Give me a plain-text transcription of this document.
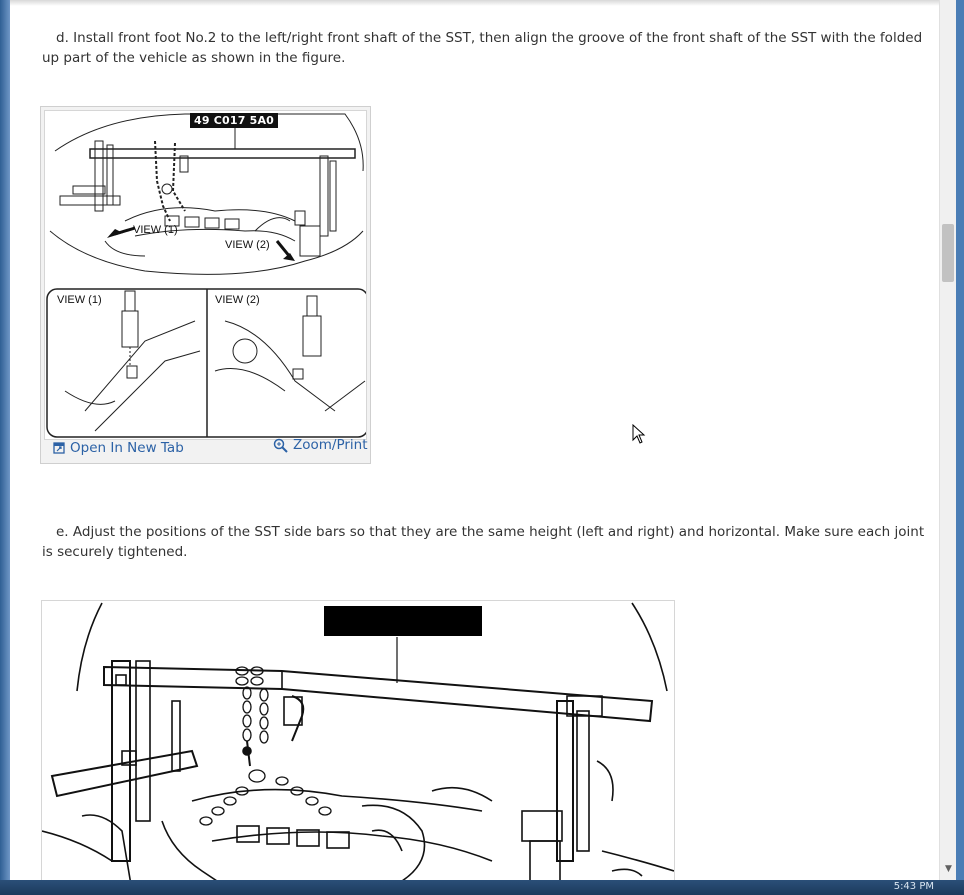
d. Install front foot No.2 to the left/right front shaft of the SST, then align the groove of the front shaft of the SST with the folded up part of the vehicle as shown in the figure.
49 C017 5A0
VIEW (1)
VIEW (2)
VIEW (1)	VIEW (2)
Open In New Tab	Zoom/Print
e. Adjust the positions of the SST side bars so that they are the same height (left and right) and horizontal. Make sure each joint is securely tightened.
▼
5:43 PM
